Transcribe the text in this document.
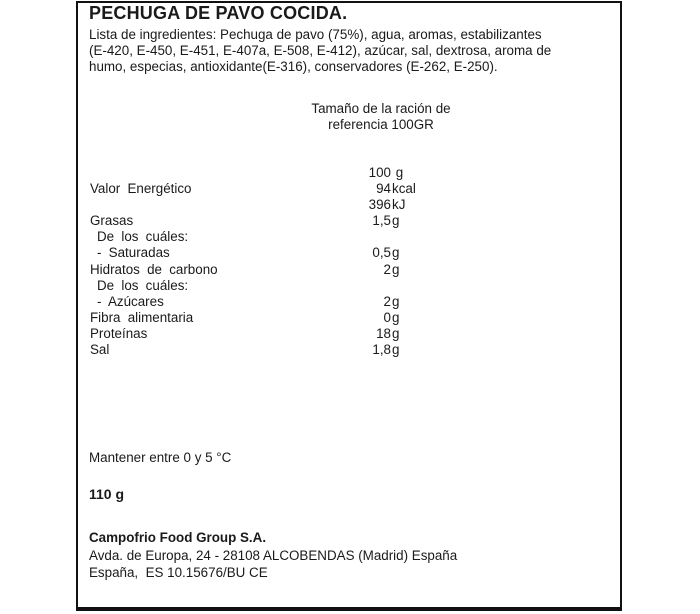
PECHUGA DE PAVO COCIDA.
Lista de ingredientes: Pechuga de pavo (75%), agua, aromas, estabilizantes
(E-420, E-450, E-451, E-407a, E-508, E-412), azúcar, sal, dextrosa, aroma de
humo, especias, antioxidante(E-316), conservadores (E-262, E-250).
Tamaño de la ración de
referencia 100GR
100 g
Valor Energético	94 kcal
396 kJ
Grasas	1,5 g
De los cuáles:
- Saturadas	0,5 g
Hidratos de carbono	2 g
De los cuáles:
- Azúcares	2 g
Fibra alimentaria	0 g
Proteínas	18 g
Sal	1,8 g
Mantener entre 0 y 5 °C
110 g
Campofrio Food Group S.A.
Avda. de Europa, 24 - 28108 ALCOBENDAS (Madrid) España
España,  ES 10.15676/BU CE
